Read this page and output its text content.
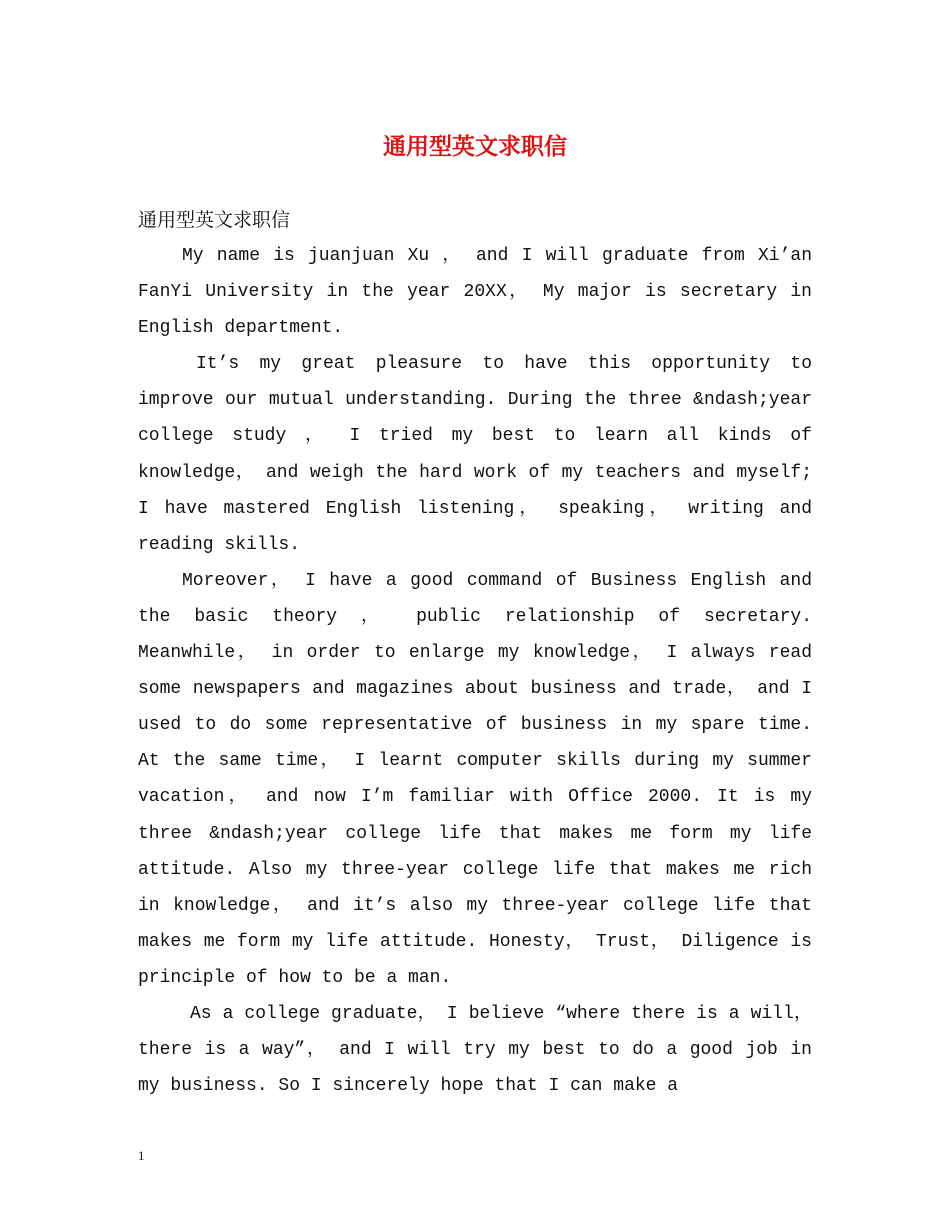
通用型英文求职信

通用型英文求职信

My name is juanjuan Xu ， and I will graduate from Xi’an FanYi University in the year 20XX， My major is secretary in English department.

It’s my great pleasure to have this opportunity to improve our mutual understanding. During the three &ndash;year college study ， I tried my best to learn all kinds of knowledge， and weigh the hard work of my teachers and myself; I have mastered English listening， speaking， writing and reading skills.

Moreover， I have a good command of Business English and the basic theory ， public relationship of secretary. Meanwhile， in order to enlarge my knowledge， I always read some newspapers and magazines about business and trade， and I used to do some representative of business in my spare time. At the same time， I learnt computer skills during my summer vacation， and now I’m familiar with Office 2000. It is my three &ndash;year college life that makes me form my life attitude. Also my three-year college life that makes me rich in knowledge， and it’s also my three-year college life that makes me form my life attitude. Honesty， Trust， Diligence is principle of how to be a man.

As a college graduate， I believe “where there is a will， there is a way”， and I will try my best to do a good job in my business. So I sincerely hope that I can make a

1
